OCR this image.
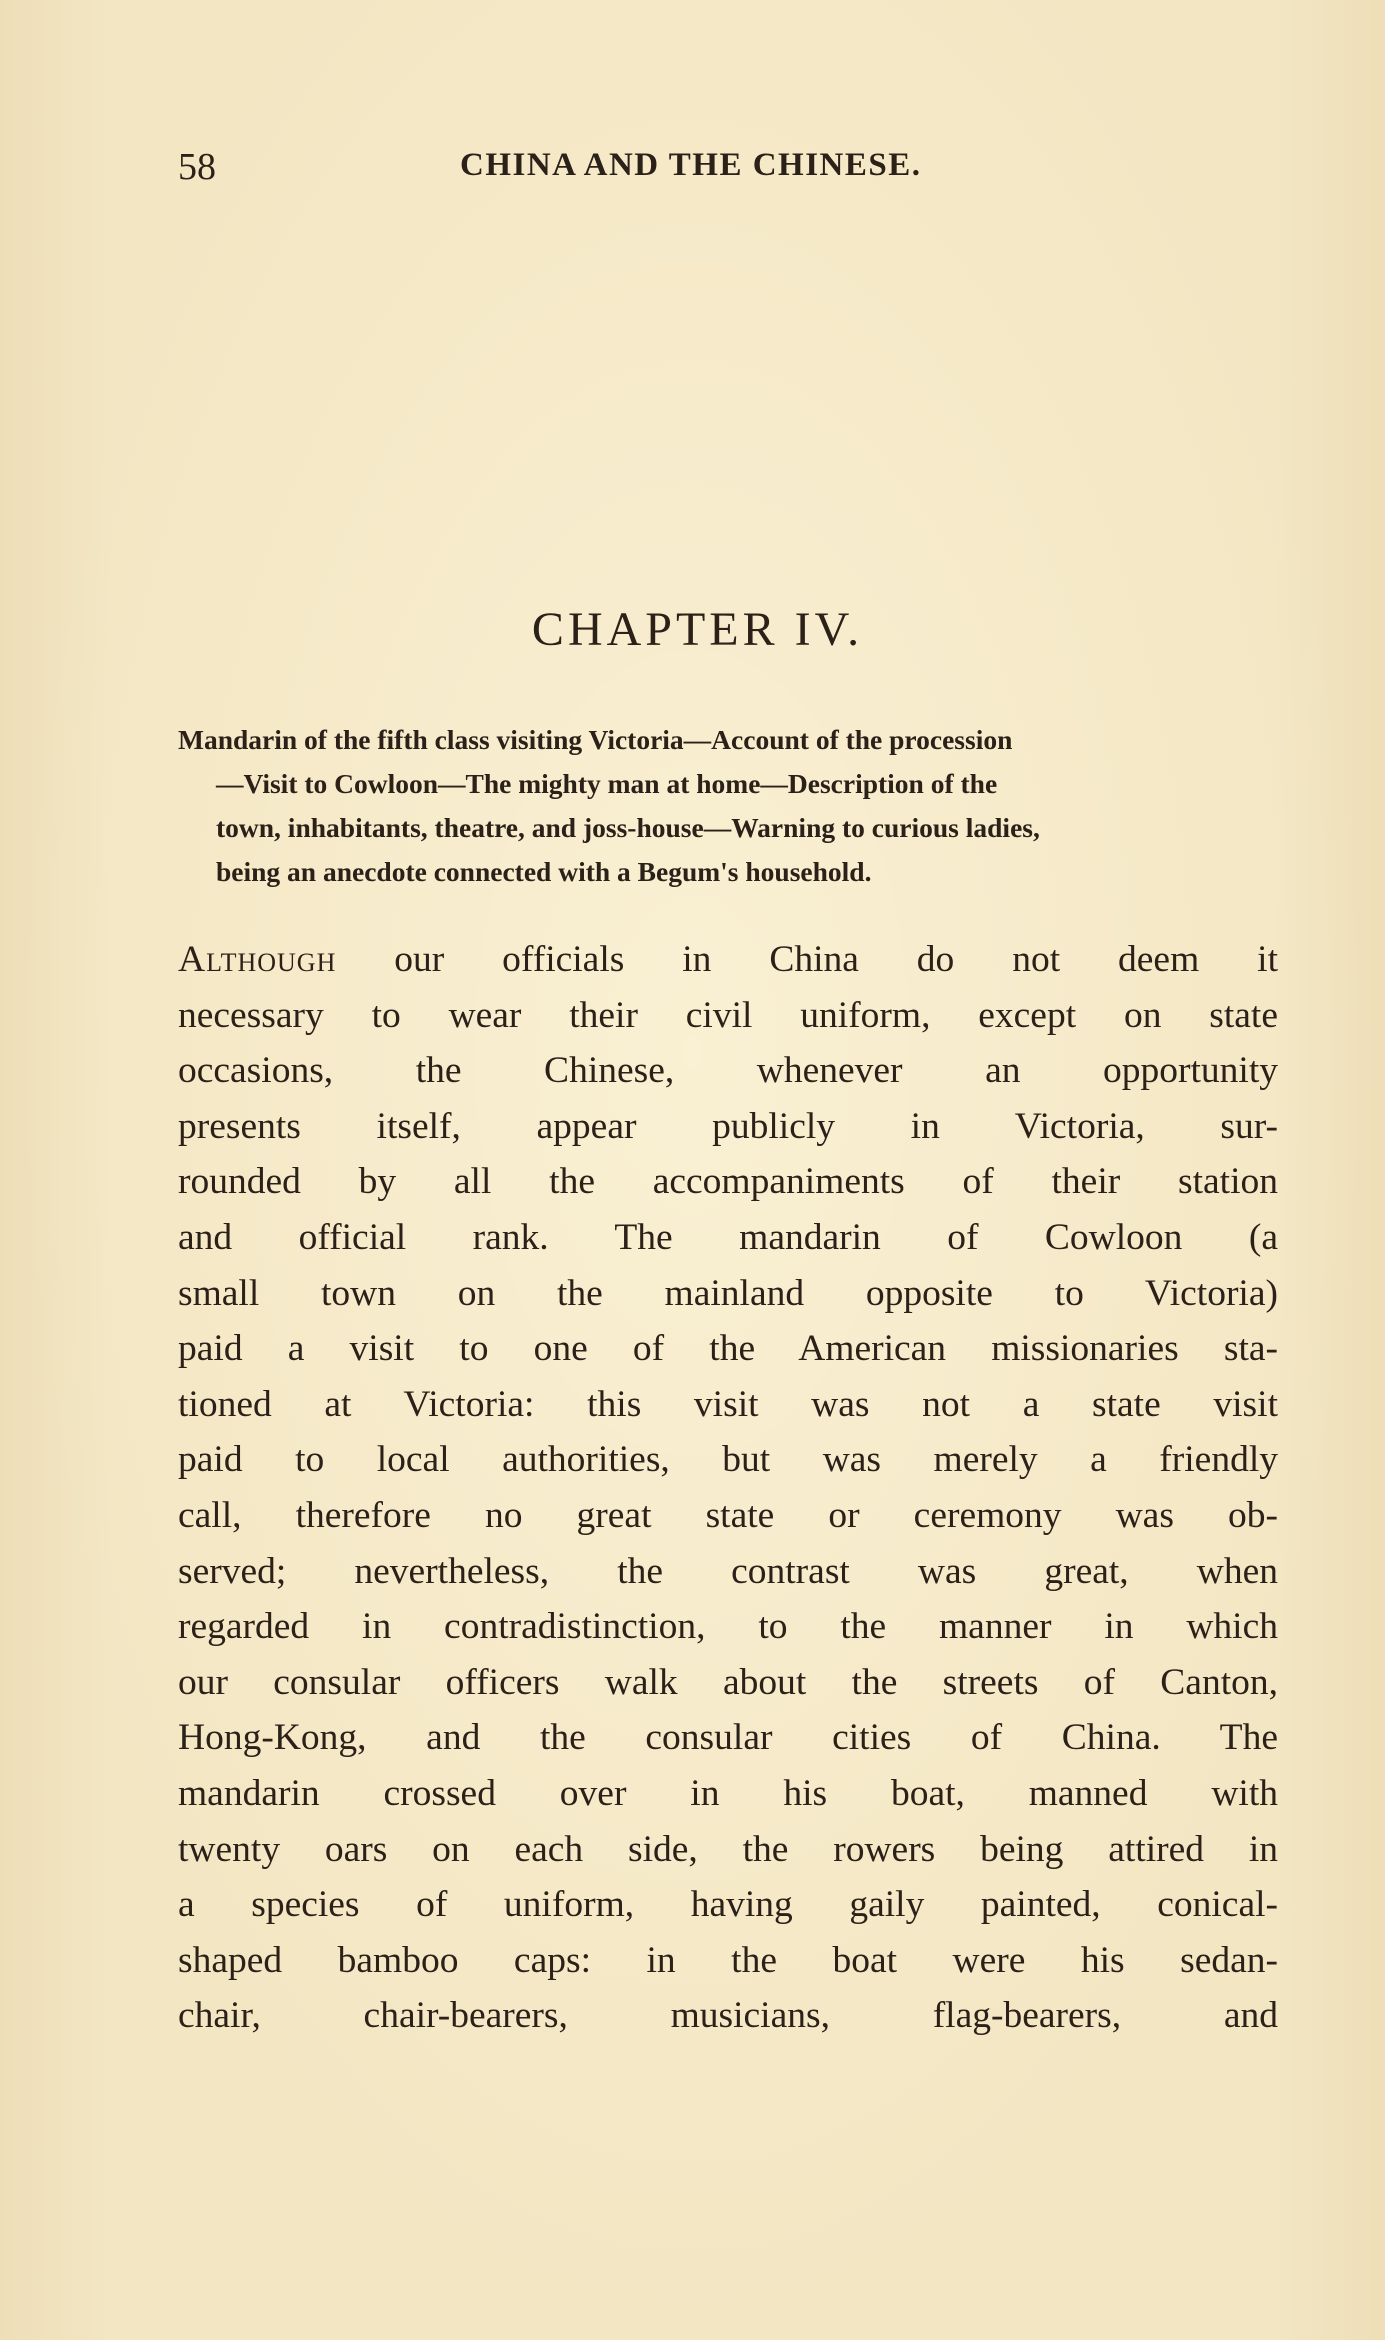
58	CHINA AND THE CHINESE.
CHAPTER IV.
Mandarin of the fifth class visiting Victoria—Account of the procession
—Visit to Cowloon—The mighty man at home—Description of the
town, inhabitants, theatre, and joss-house—Warning to curious ladies,
being an anecdote connected with a Begum's household.
Although our officials in China do not deem it
necessary to wear their civil uniform, except on state
occasions, the Chinese, whenever an opportunity
presents itself, appear publicly in Victoria, sur-
rounded by all the accompaniments of their station
and official rank. The mandarin of Cowloon (a
small town on the mainland opposite to Victoria)
paid a visit to one of the American missionaries sta-
tioned at Victoria: this visit was not a state visit
paid to local authorities, but was merely a friendly
call, therefore no great state or ceremony was ob-
served; nevertheless, the contrast was great, when
regarded in contradistinction, to the manner in which
our consular officers walk about the streets of Canton,
Hong-Kong, and the consular cities of China. The
mandarin crossed over in his boat, manned with
twenty oars on each side, the rowers being attired in
a species of uniform, having gaily painted, conical-
shaped bamboo caps: in the boat were his sedan-
chair, chair-bearers, musicians, flag-bearers, and
